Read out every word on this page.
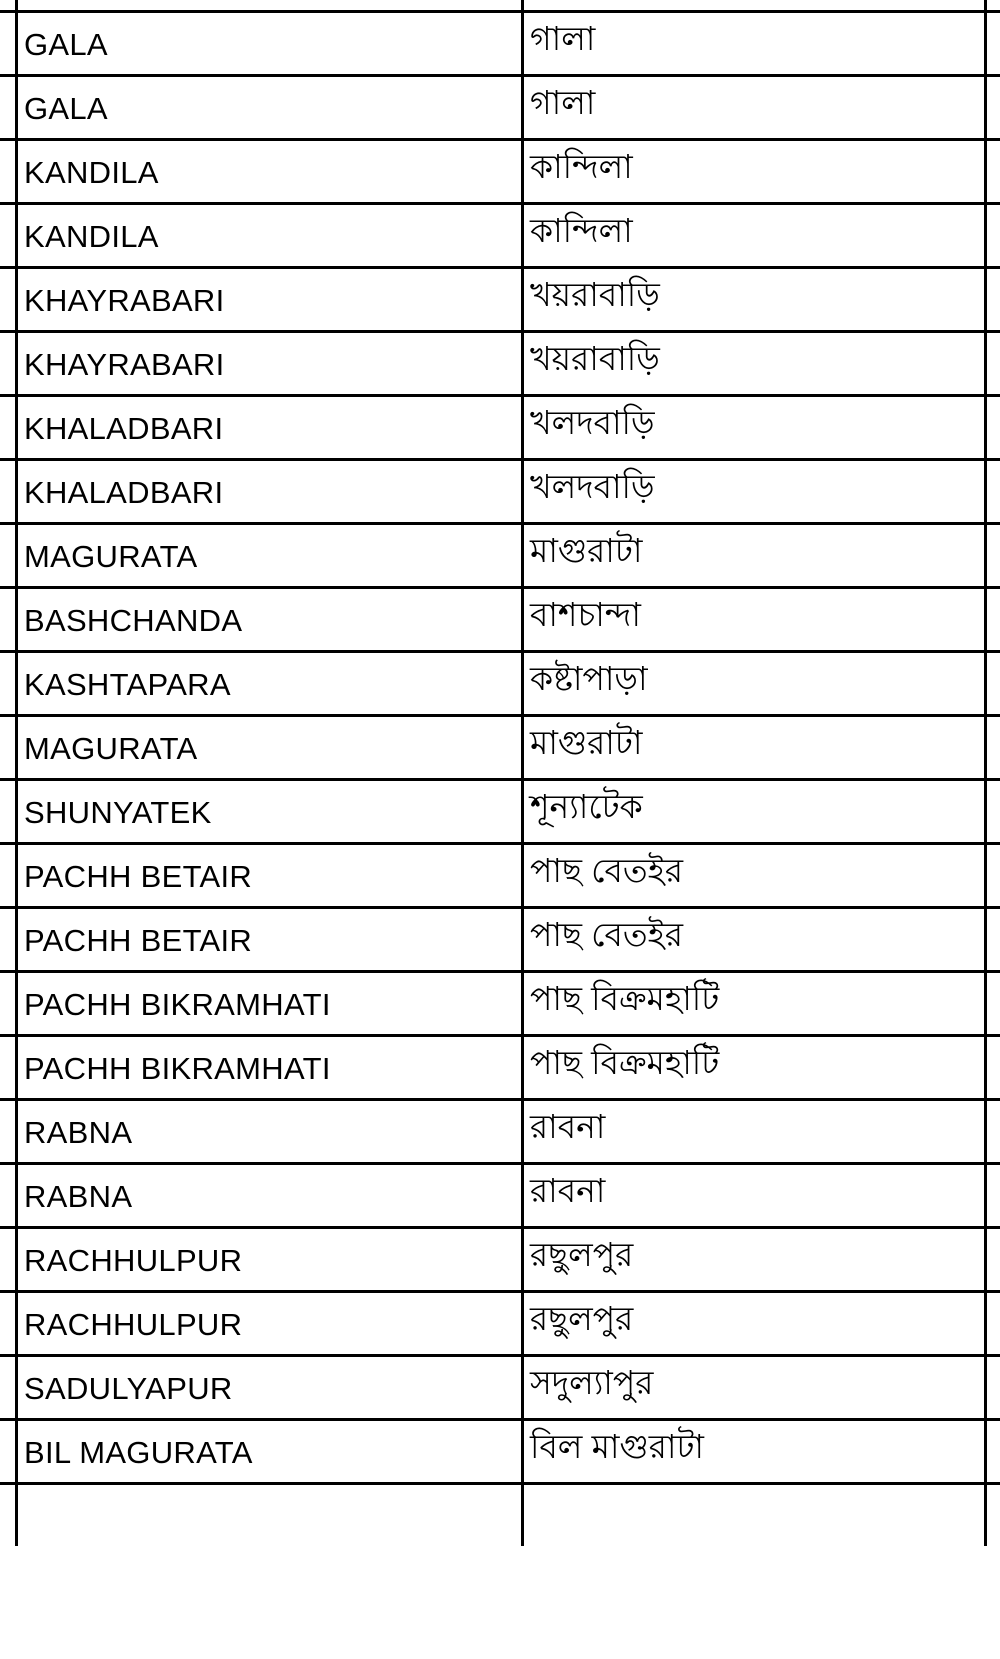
GALA	গালা
GALA	গালা
KANDILA	কান্দিলা
KANDILA	কান্দিলা
KHAYRABARI	খয়রাবাড়ি
KHAYRABARI	খয়রাবাড়ি
KHALADBARI	খলদবাড়ি
KHALADBARI	খলদবাড়ি
MAGURATA	মাগুরাটা
BASHCHANDA	বাশচান্দা
KASHTAPARA	কষ্টাপাড়া
MAGURATA	মাগুরাটা
SHUNYATEK	শূন্যাটেক
PACHH BETAIR	পাছ বেতইর
PACHH BETAIR	পাছ বেতইর
PACHH BIKRAMHATI	পাছ বিক্রমহাটি
PACHH BIKRAMHATI	পাছ বিক্রমহাটি
RABNA	রাবনা
RABNA	রাবনা
RACHHULPUR	রছুলপুর
RACHHULPUR	রছুলপুর
SADULYAPUR	সদুল্যাপুর
BIL MAGURATA	বিল মাগুরাটা
